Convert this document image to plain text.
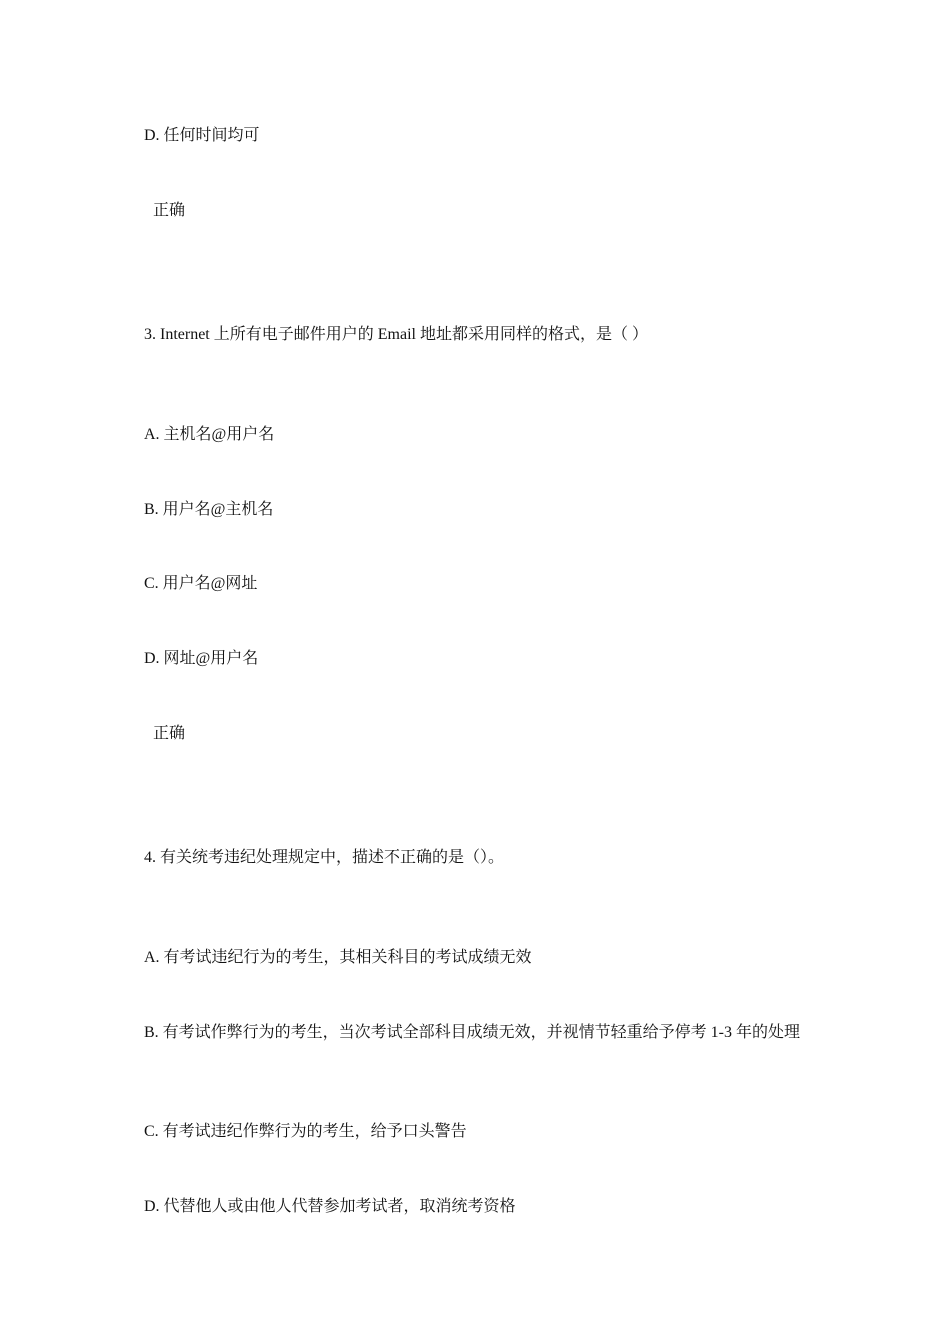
D. 任何时间均可
正确
3. Internet 上所有电子邮件用户的 Email 地址都采用同样的格式，是（ ）
A. 主机名@用户名
B. 用户名@主机名
C. 用户名@网址
D. 网址@用户名
正确
4. 有关统考违纪处理规定中，描述不正确的是（）。
A. 有考试违纪行为的考生，其相关科目的考试成绩无效
B. 有考试作弊行为的考生，当次考试全部科目成绩无效，并视情节轻重给予停考 1-3 年的处理
C. 有考试违纪作弊行为的考生，给予口头警告
D. 代替他人或由他人代替参加考试者，取消统考资格
